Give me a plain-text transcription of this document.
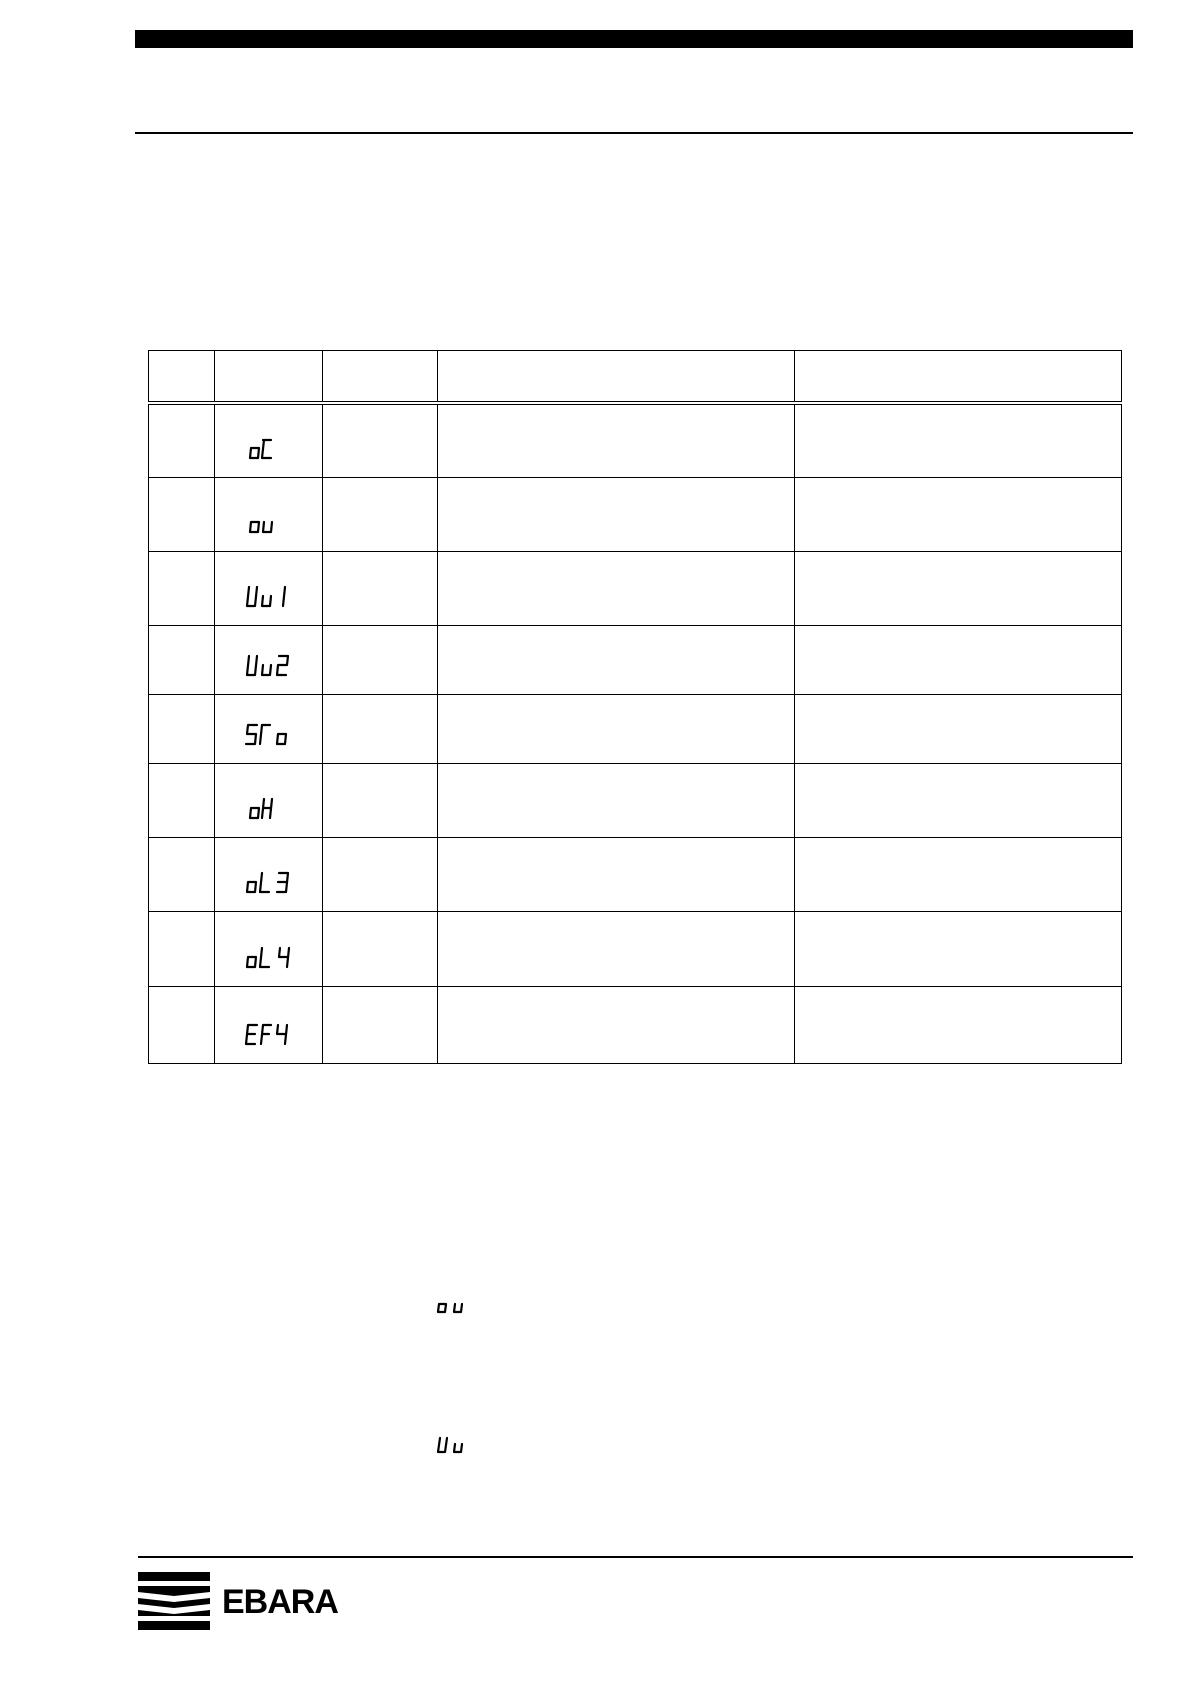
EBARA
